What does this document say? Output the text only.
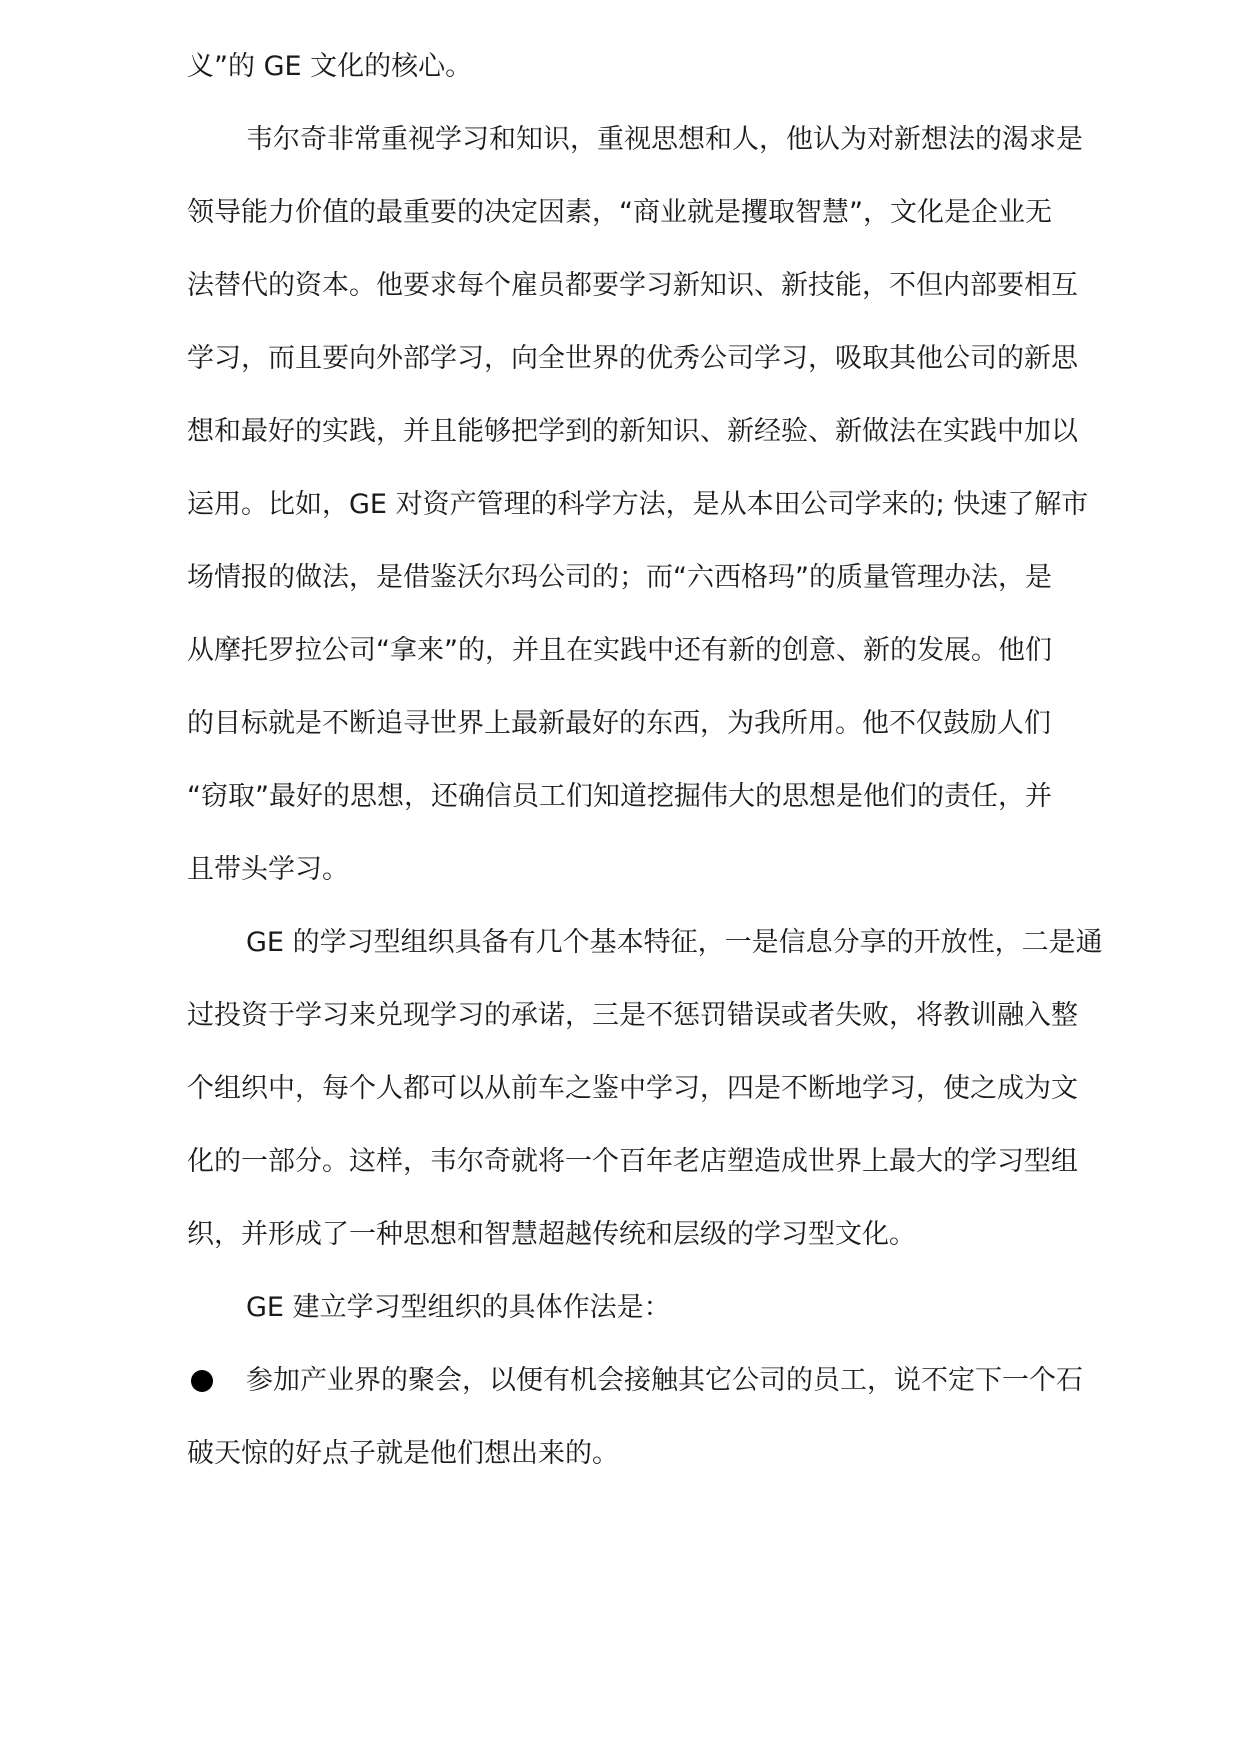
义”的 GE 文化的核心。
韦尔奇非常重视学习和知识，重视思想和人，他认为对新想法的渴求是
领导能力价值的最重要的决定因素，“商业就是攫取智慧”，文化是企业无
法替代的资本。他要求每个雇员都要学习新知识、新技能，不但内部要相互
学习，而且要向外部学习，向全世界的优秀公司学习，吸取其他公司的新思
想和最好的实践，并且能够把学到的新知识、新经验、新做法在实践中加以
运用。比如，GE 对资产管理的科学方法，是从本田公司学来的; 快速了解市
场情报的做法，是借鉴沃尔玛公司的；而“六西格玛”的质量管理办法，是
从摩托罗拉公司“拿来”的，并且在实践中还有新的创意、新的发展。他们
的目标就是不断追寻世界上最新最好的东西，为我所用。他不仅鼓励人们
“窃取”最好的思想，还确信员工们知道挖掘伟大的思想是他们的责任，并
且带头学习。
GE 的学习型组织具备有几个基本特征，一是信息分享的开放性，二是通
过投资于学习来兑现学习的承诺，三是不惩罚错误或者失败，将教训融入整
个组织中，每个人都可以从前车之鉴中学习，四是不断地学习，使之成为文
化的一部分。这样，韦尔奇就将一个百年老店塑造成世界上最大的学习型组
织，并形成了一种思想和智慧超越传统和层级的学习型文化。
GE 建立学习型组织的具体作法是：
参加产业界的聚会，以便有机会接触其它公司的员工，说不定下一个石
破天惊的好点子就是他们想出来的。
